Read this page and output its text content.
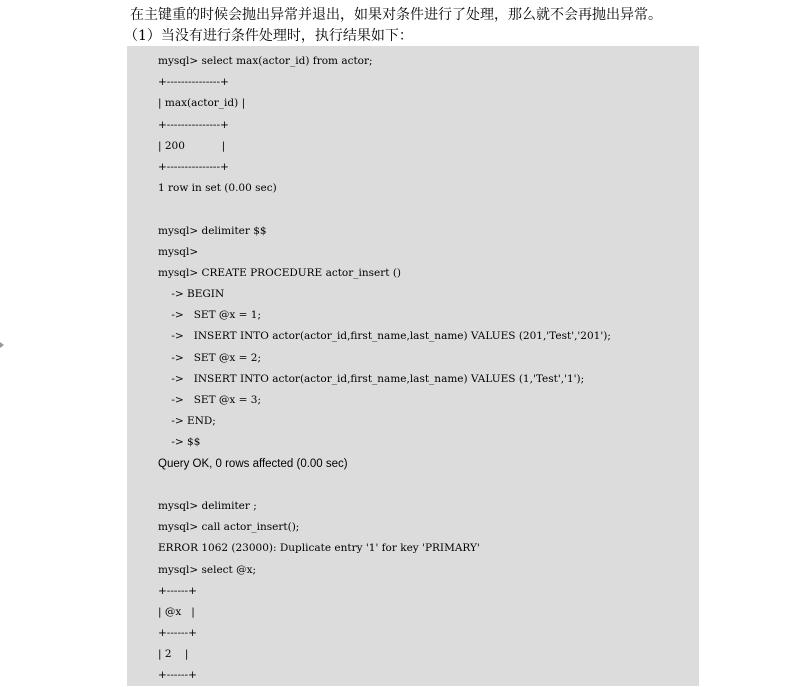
在主键重的时候会抛出异常并退出，如果对条件进行了处理，那么就不会再抛出异常。

（1）当没有进行条件处理时，执行结果如下：

mysql> select max(actor_id) from actor;
+---------------+
| max(actor_id) |
+---------------+
| 200           |
+---------------+
1 row in set (0.00 sec)
mysql> delimiter $$
mysql>
mysql> CREATE PROCEDURE actor_insert ()
-> BEGIN
->   SET @x = 1;
->   INSERT INTO actor(actor_id,first_name,last_name) VALUES (201,'Test','201');
->   SET @x = 2;
->   INSERT INTO actor(actor_id,first_name,last_name) VALUES (1,'Test','1');
->   SET @x = 3;
-> END;
-> $$
Query OK, 0 rows affected (0.00 sec)
mysql> delimiter ;
mysql> call actor_insert();
ERROR 1062 (23000): Duplicate entry '1' for key 'PRIMARY'
mysql> select @x;
+------+
| @x   |
+------+
| 2    |
+------+
